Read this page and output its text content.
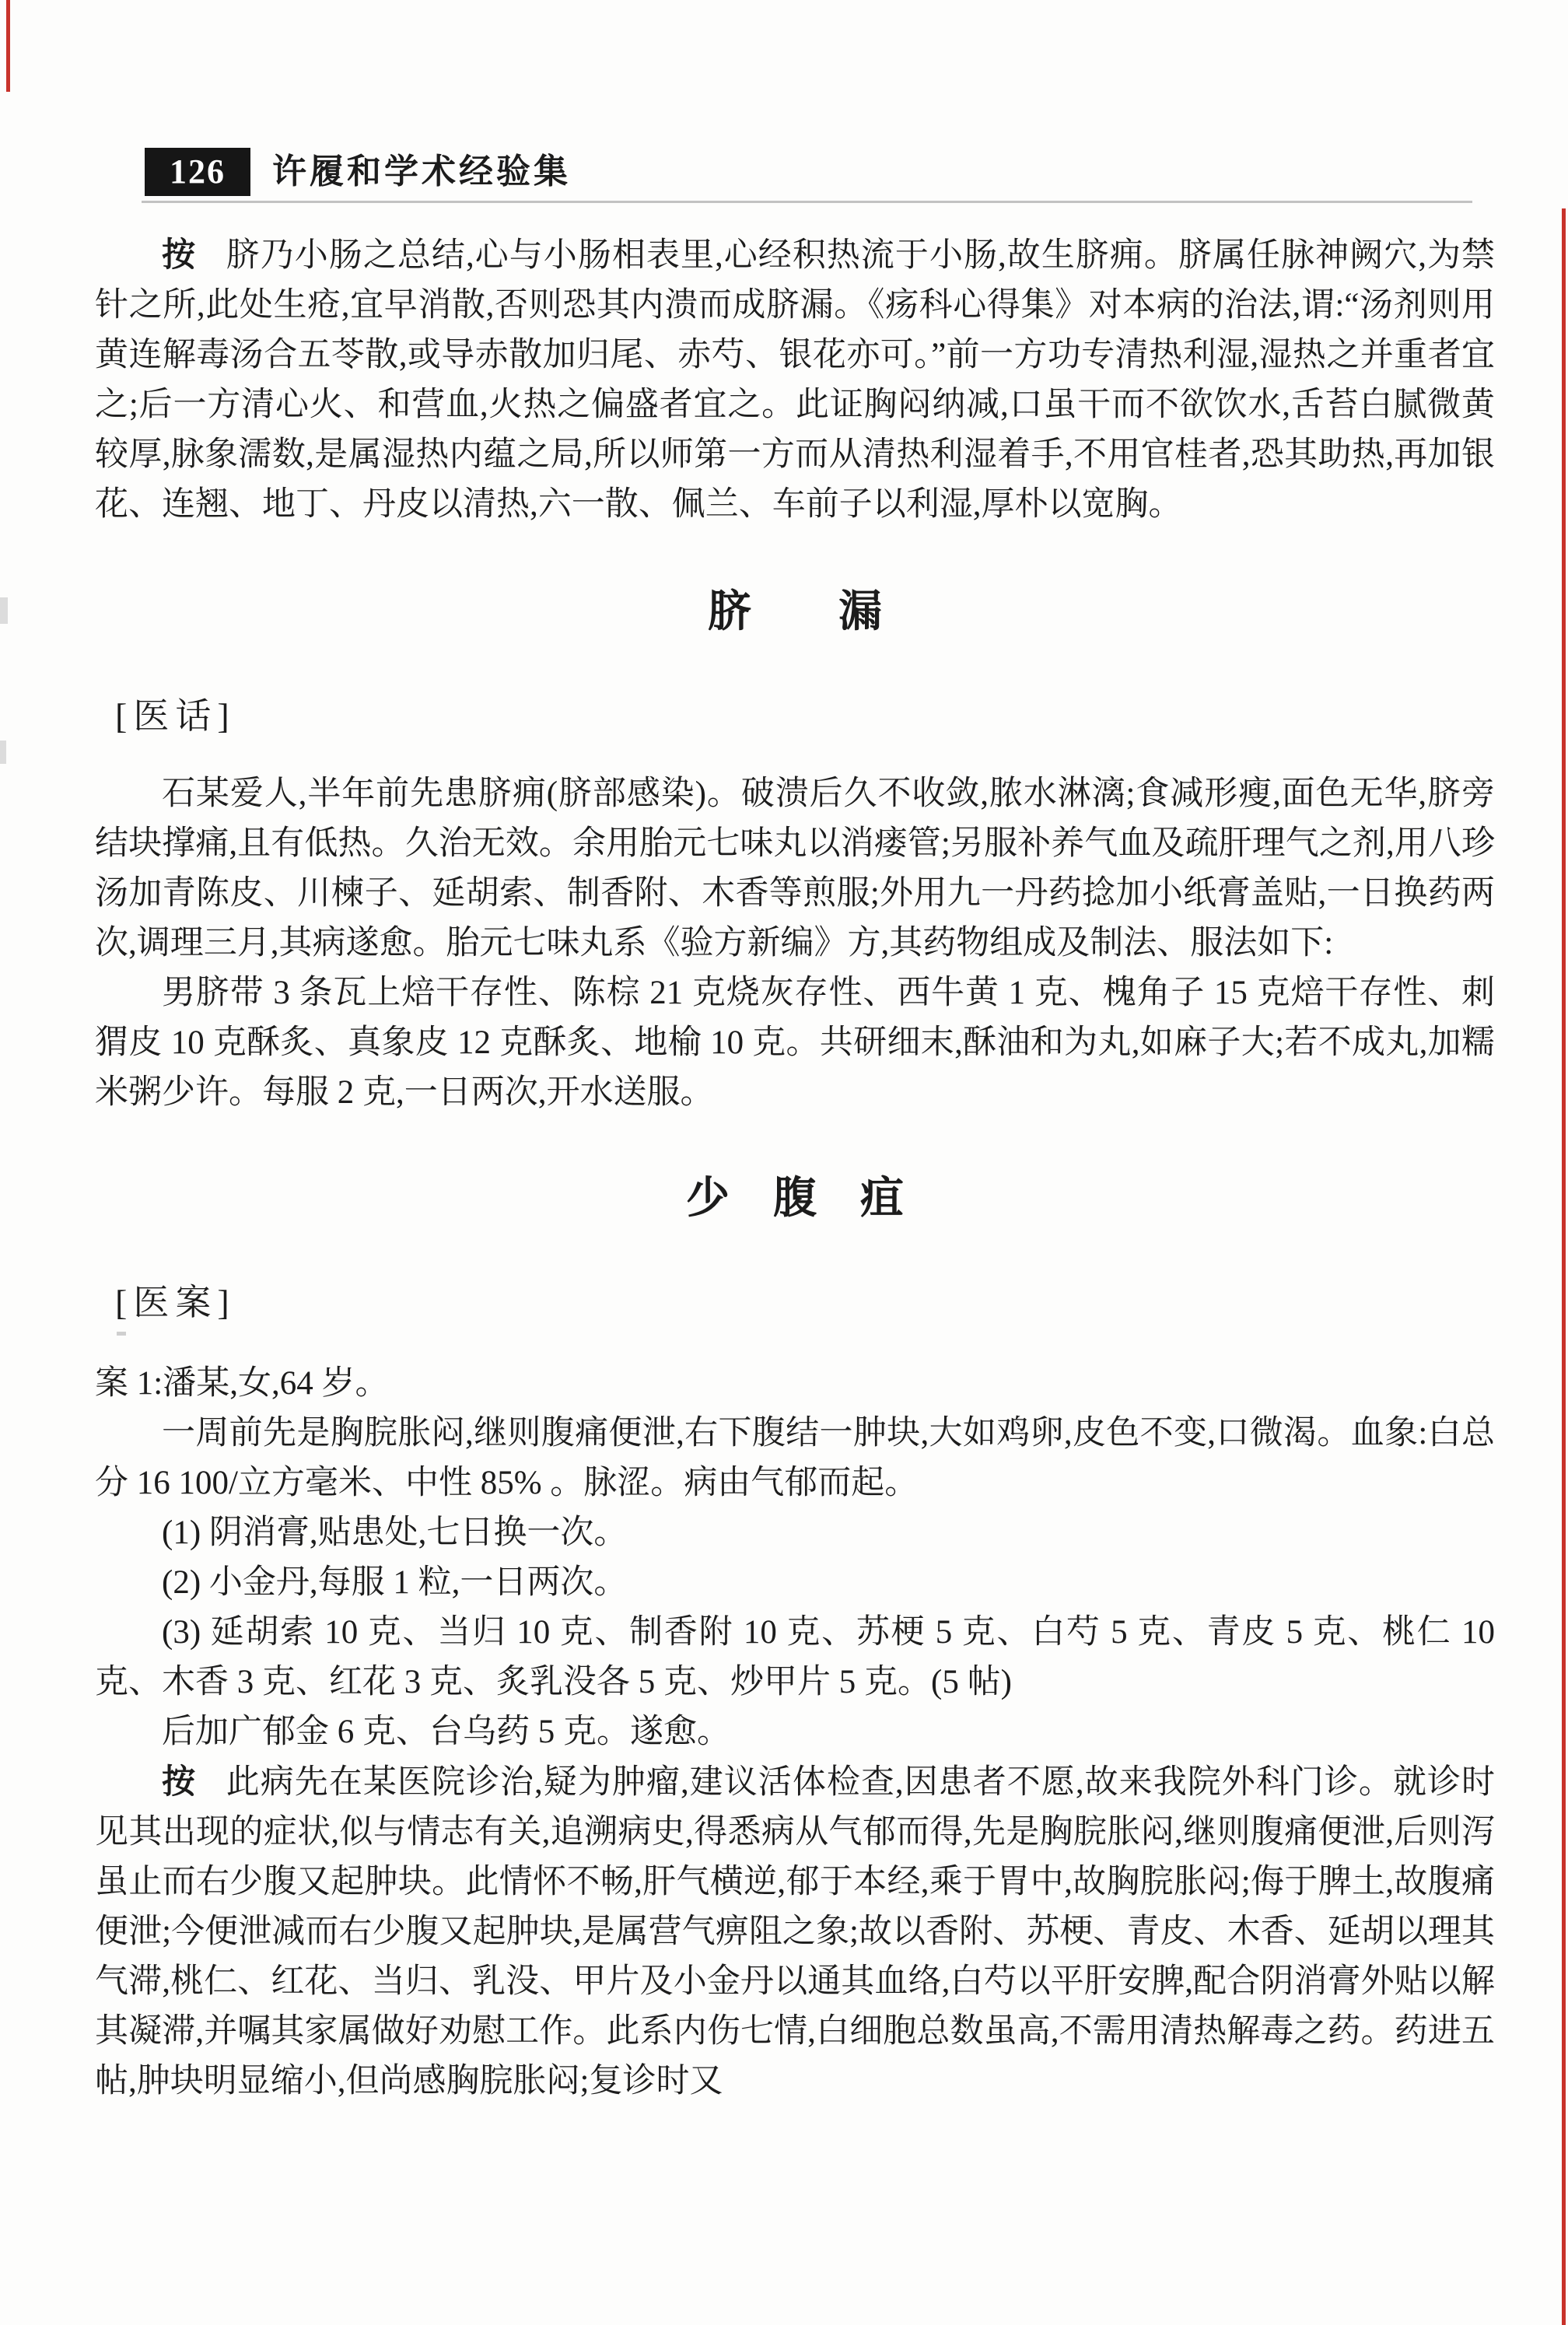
126	许履和学术经验集

按 脐乃小肠之总结,心与小肠相表里,心经积热流于小肠,故生脐痈。脐属任脉神阙穴,为禁针之所,此处生疮,宜早消散,否则恐其内溃而成脐漏。《疡科心得集》对本病的治法,谓:“汤剂则用黄连解毒汤合五苓散,或导赤散加归尾、赤芍、银花亦可。”前一方功专清热利湿,湿热之并重者宜之;后一方清心火、和营血,火热之偏盛者宜之。此证胸闷纳减,口虽干而不欲饮水,舌苔白腻微黄较厚,脉象濡数,是属湿热内蕴之局,所以师第一方而从清热利湿着手,不用官桂者,恐其助热,再加银花、连翘、地丁、丹皮以清热,六一散、佩兰、车前子以利湿,厚朴以宽胸。

脐　　漏

[医话]

石某爱人,半年前先患脐痈(脐部感染)。破溃后久不收敛,脓水淋漓;食减形瘦,面色无华,脐旁结块撑痛,且有低热。久治无效。余用胎元七味丸以消瘘管;另服补养气血及疏肝理气之剂,用八珍汤加青陈皮、川楝子、延胡索、制香附、木香等煎服;外用九一丹药捻加小纸膏盖贴,一日换药两次,调理三月,其病遂愈。胎元七味丸系《验方新编》方,其药物组成及制法、服法如下:

男脐带 3 条瓦上焙干存性、陈棕 21 克烧灰存性、西牛黄 1 克、槐角子 15 克焙干存性、刺猬皮 10 克酥炙、真象皮 12 克酥炙、地榆 10 克。共研细末,酥油和为丸,如麻子大;若不成丸,加糯米粥少许。每服 2 克,一日两次,开水送服。

少　腹　疽

[医案]

案 1:潘某,女,64 岁。

一周前先是胸脘胀闷,继则腹痛便泄,右下腹结一肿块,大如鸡卵,皮色不变,口微渴。血象:白总分 16 100/立方毫米、中性 85% 。脉涩。病由气郁而起。

(1) 阴消膏,贴患处,七日换一次。

(2) 小金丹,每服 1 粒,一日两次。

(3) 延胡索 10 克、当归 10 克、制香附 10 克、苏梗 5 克、白芍 5 克、青皮 5 克、桃仁 10 克、木香 3 克、红花 3 克、炙乳没各 5 克、炒甲片 5 克。(5 帖)

后加广郁金 6 克、台乌药 5 克。遂愈。

按 此病先在某医院诊治,疑为肿瘤,建议活体检查,因患者不愿,故来我院外科门诊。就诊时见其出现的症状,似与情志有关,追溯病史,得悉病从气郁而得,先是胸脘胀闷,继则腹痛便泄,后则泻虽止而右少腹又起肿块。此情怀不畅,肝气横逆,郁于本经,乘于胃中,故胸脘胀闷;侮于脾土,故腹痛便泄;今便泄减而右少腹又起肿块,是属营气痹阻之象;故以香附、苏梗、青皮、木香、延胡以理其气滞,桃仁、红花、当归、乳没、甲片及小金丹以通其血络,白芍以平肝安脾,配合阴消膏外贴以解其凝滞,并嘱其家属做好劝慰工作。此系内伤七情,白细胞总数虽高,不需用清热解毒之药。药进五帖,肿块明显缩小,但尚感胸脘胀闷;复诊时又
